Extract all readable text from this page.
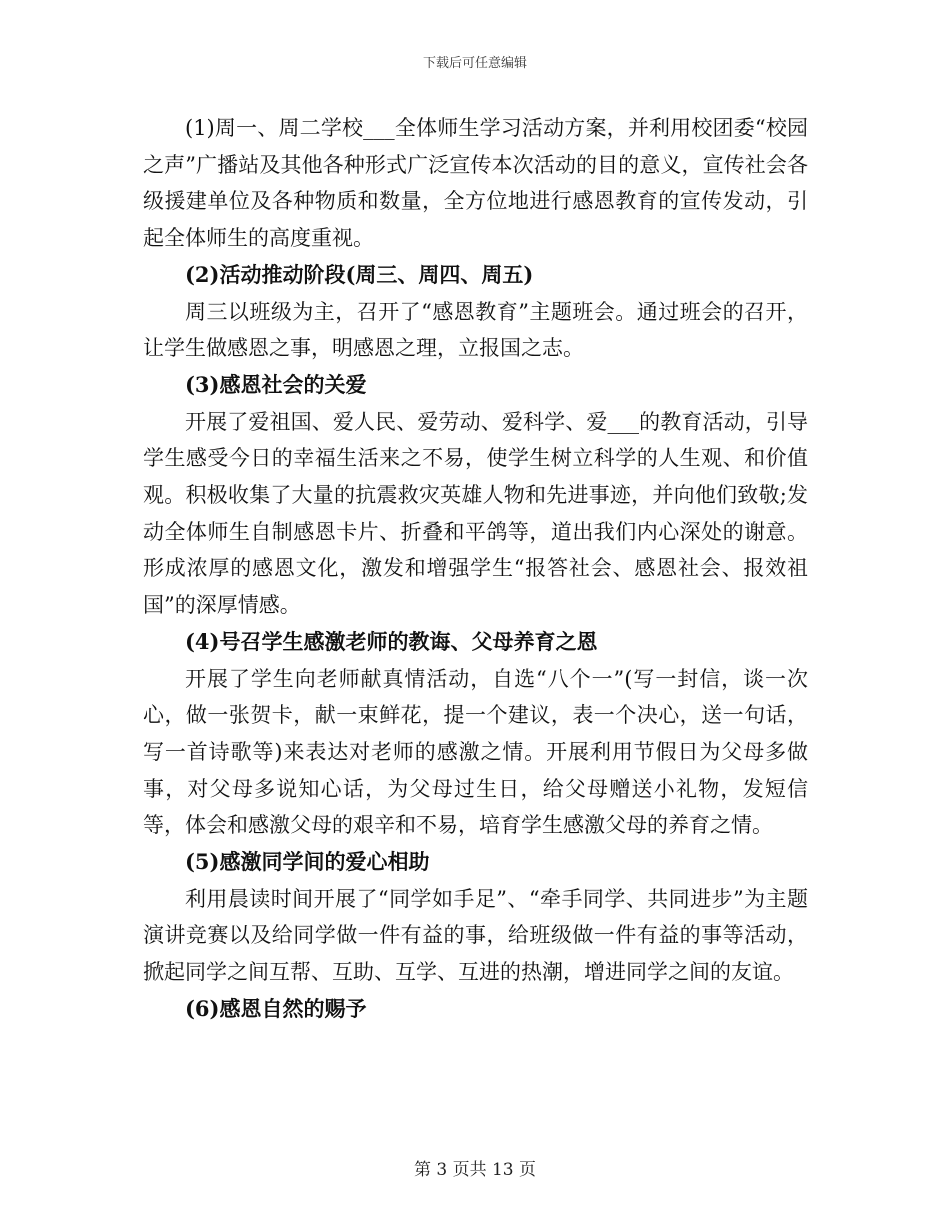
下载后可任意编辑

(1)周一、周二学校___全体师生学习活动方案，并利用校团委“校园之声”广播站及其他各种形式广泛宣传本次活动的目的意义，宣传社会各级援建单位及各种物质和数量，全方位地进行感恩教育的宣传发动，引起全体师生的高度重视。

(2)活动推动阶段(周三、周四、周五)

周三以班级为主，召开了“感恩教育”主题班会。通过班会的召开，让学生做感恩之事，明感恩之理，立报国之志。

(3)感恩社会的关爱

开展了爱祖国、爱人民、爱劳动、爱科学、爱___的教育活动，引导学生感受今日的幸福生活来之不易，使学生树立科学的人生观、和价值观。积极收集了大量的抗震救灾英雄人物和先进事迹，并向他们致敬;发动全体师生自制感恩卡片、折叠和平鸽等，道出我们内心深处的谢意。形成浓厚的感恩文化，激发和增强学生“报答社会、感恩社会、报效祖国”的深厚情感。

(4)号召学生感激老师的教诲、父母养育之恩

开展了学生向老师献真情活动，自选“八个一”(写一封信，谈一次心，做一张贺卡，献一束鲜花，提一个建议，表一个决心，送一句话，写一首诗歌等)来表达对老师的感激之情。开展利用节假日为父母多做事，对父母多说知心话，为父母过生日，给父母赠送小礼物，发短信等，体会和感激父母的艰辛和不易，培育学生感激父母的养育之情。

(5)感激同学间的爱心相助

利用晨读时间开展了“同学如手足”、“牵手同学、共同进步”为主题演讲竞赛以及给同学做一件有益的事，给班级做一件有益的事等活动，掀起同学之间互帮、互助、互学、互进的热潮，增进同学之间的友谊。

(6)感恩自然的赐予

第 3 页共 13 页
